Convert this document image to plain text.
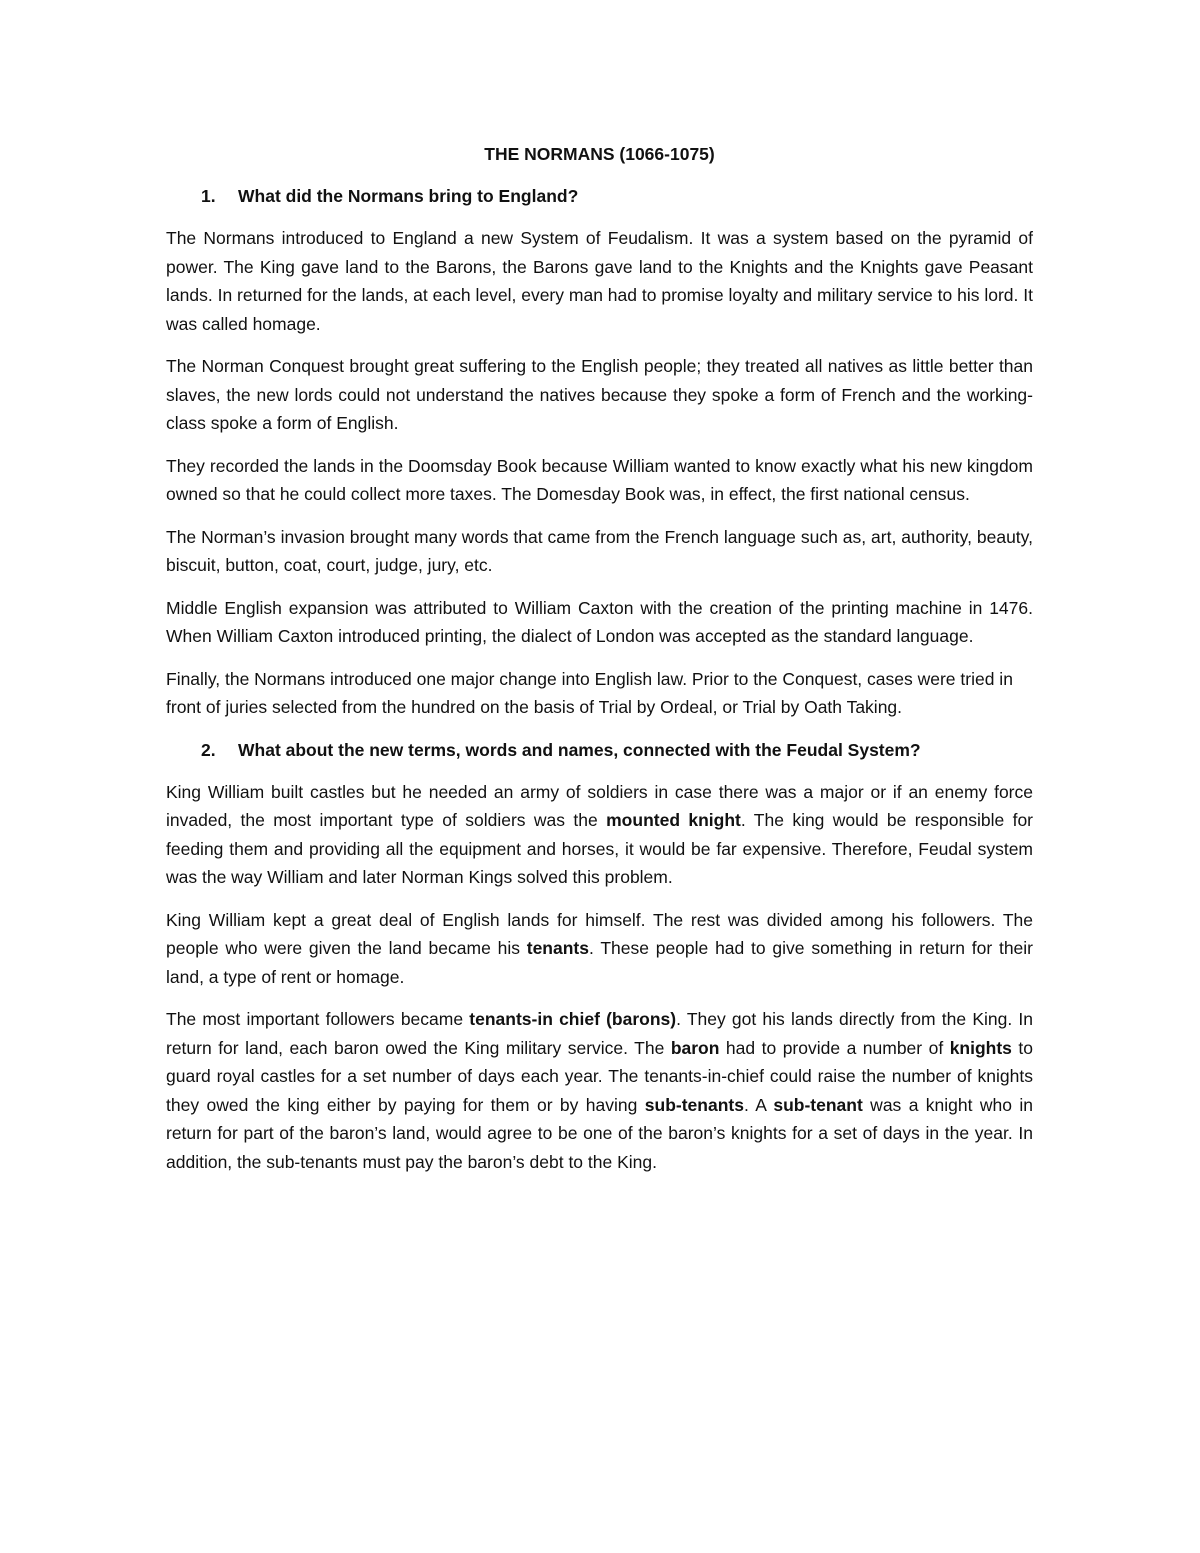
THE NORMANS (1066-1075)
1.	What did the Normans bring to England?

The Normans introduced to England a new System of Feudalism. It was a system based on the pyramid of power. The King gave land to the Barons, the Barons gave land to the Knights and the Knights gave Peasant lands. In returned for the lands, at each level, every man had to promise loyalty and military service to his lord. It was called homage.

The Norman Conquest brought great suffering to the English people; they treated all natives as little better than slaves, the new lords could not understand the natives because they spoke a form of French and the working-class spoke a form of English.

They recorded the lands in the Doomsday Book because William wanted to know exactly what his new kingdom owned so that he could collect more taxes. The Domesday Book was, in effect, the first national census.

The Norman’s invasion brought many words that came from the French language such as, art, authority, beauty, biscuit, button, coat, court, judge, jury, etc.

Middle English expansion was attributed to William Caxton with the creation of the printing machine in 1476. When William Caxton introduced printing, the dialect of London was accepted as the standard language.

Finally, the Normans introduced one major change into English law. Prior to the Conquest, cases were tried in front of juries selected from the hundred on the basis of Trial by Ordeal, or Trial by Oath Taking.

2.	What about the new terms, words and names, connected with the Feudal System?

King William built castles but he needed an army of soldiers in case there was a major or if an enemy force invaded, the most important type of soldiers was the mounted knight. The king would be responsible for feeding them and providing all the equipment and horses, it would be far expensive. Therefore, Feudal system was the way William and later Norman Kings solved this problem.

King William kept a great deal of English lands for himself. The rest was divided among his followers. The people who were given the land became his tenants. These people had to give something in return for their land, a type of rent or homage.

The most important followers became tenants-in chief (barons). They got his lands directly from the King. In return for land, each baron owed the King military service. The baron had to provide a number of knights to guard royal castles for a set number of days each year. The tenants-in-chief could raise the number of knights they owed the king either by paying for them or by having sub-tenants. A sub-tenant was a knight who in return for part of the baron’s land, would agree to be one of the baron’s knights for a set of days in the year. In addition, the sub-tenants must pay the baron’s debt to the King.
